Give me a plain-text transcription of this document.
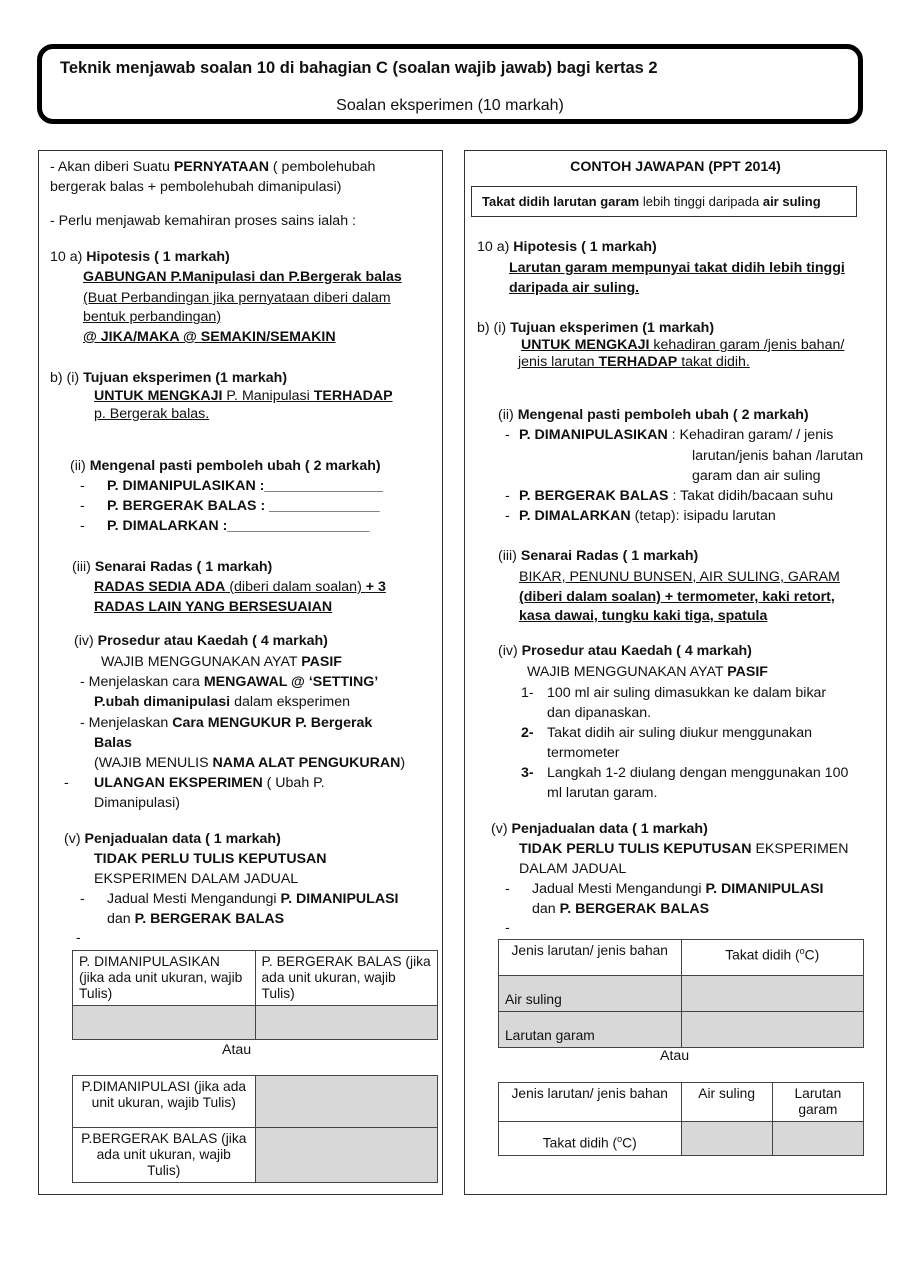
Teknik menjawab soalan 10 di bahagian C (soalan wajib jawab) bagi kertas 2
Soalan eksperimen (10 markah)
- Akan diberi Suatu PERNYATAAN ( pembolehubah
bergerak balas + pembolehubah dimanipulasi)
- Perlu menjawab kemahiran proses sains ialah :
10 a) Hipotesis ( 1 markah)
GABUNGAN P.Manipulasi dan P.Bergerak balas
(Buat Perbandingan jika pernyataan diberi dalam
bentuk perbandingan)
@ JIKA/MAKA @ SEMAKIN/SEMAKIN
b) (i) Tujuan eksperimen (1 markah)
UNTUK MENGKAJI P. Manipulasi TERHADAP
p. Bergerak balas.
(ii) Mengenal pasti pemboleh ubah ( 2 markah)
- P. DIMANIPULASIKAN :_______________
- P. BERGERAK BALAS : ______________
- P. DIMALARKAN :__________________
(iii) Senarai Radas ( 1 markah)
RADAS SEDIA ADA (diberi dalam soalan) + 3
RADAS LAIN YANG BERSESUAIAN
(iv) Prosedur atau Kaedah ( 4 markah)
WAJIB MENGGUNAKAN AYAT PASIF
- Menjelaskan cara MENGAWAL @ ‘SETTING’
P.ubah dimanipulasi dalam eksperimen
- Menjelaskan Cara MENGUKUR P. Bergerak
Balas
(WAJIB MENULIS NAMA ALAT PENGUKURAN)
- ULANGAN EKSPERIMEN ( Ubah P.
Dimanipulasi)
(v) Penjadualan data ( 1 markah)
TIDAK PERLU TULIS KEPUTUSAN
EKSPERIMEN DALAM JADUAL
- Jadual Mesti Mengandungi P. DIMANIPULASI
dan P. BERGERAK BALAS
-
P. DIMANIPULASIKAN (jika ada unit ukuran, wajib Tulis)	P. BERGERAK BALAS (jika ada unit ukuran, wajib Tulis)

Atau
P.DIMANIPULASI (jika ada unit ukuran, wajib Tulis)	
P.BERGERAK BALAS (jika ada unit ukuran, wajib Tulis)	
CONTOH JAWAPAN (PPT 2014)
Takat didih larutan garam lebih tinggi daripada air suling
10 a) Hipotesis ( 1 markah)
Larutan garam mempunyai takat didih lebih tinggi
daripada air suling.
b) (i) Tujuan eksperimen (1 markah)
UNTUK MENGKAJI kehadiran garam /jenis bahan/
jenis larutan TERHADAP takat didih.
(ii) Mengenal pasti pemboleh ubah ( 2 markah)
- P. DIMANIPULASIKAN : Kehadiran garam/ / jenis
larutan/jenis bahan /larutan
garam dan air suling
- P. BERGERAK BALAS : Takat didih/bacaan suhu
- P. DIMALARKAN (tetap): isipadu larutan
(iii) Senarai Radas ( 1 markah)
BIKAR, PENUNU BUNSEN, AIR SULING, GARAM
(diberi dalam soalan) + termometer, kaki retort,
kasa dawai, tungku kaki tiga, spatula
(iv) Prosedur atau Kaedah ( 4 markah)
WAJIB MENGGUNAKAN AYAT PASIF
1- 100 ml air suling dimasukkan ke dalam bikar
dan dipanaskan.
2- Takat didih air suling diukur menggunakan
termometer
3- Langkah 1-2 diulang dengan menggunakan 100
ml larutan garam.
(v) Penjadualan data ( 1 markah)
TIDAK PERLU TULIS KEPUTUSAN EKSPERIMEN
DALAM JADUAL
- Jadual Mesti Mengandungi P. DIMANIPULASI
dan P. BERGERAK BALAS
-
Jenis larutan/ jenis bahan	Takat didih ($^o$C)
Air suling	
Larutan garam	
Atau
Jenis larutan/ jenis bahan	Air suling	Larutan garam
Takat didih ($^o$C)		
